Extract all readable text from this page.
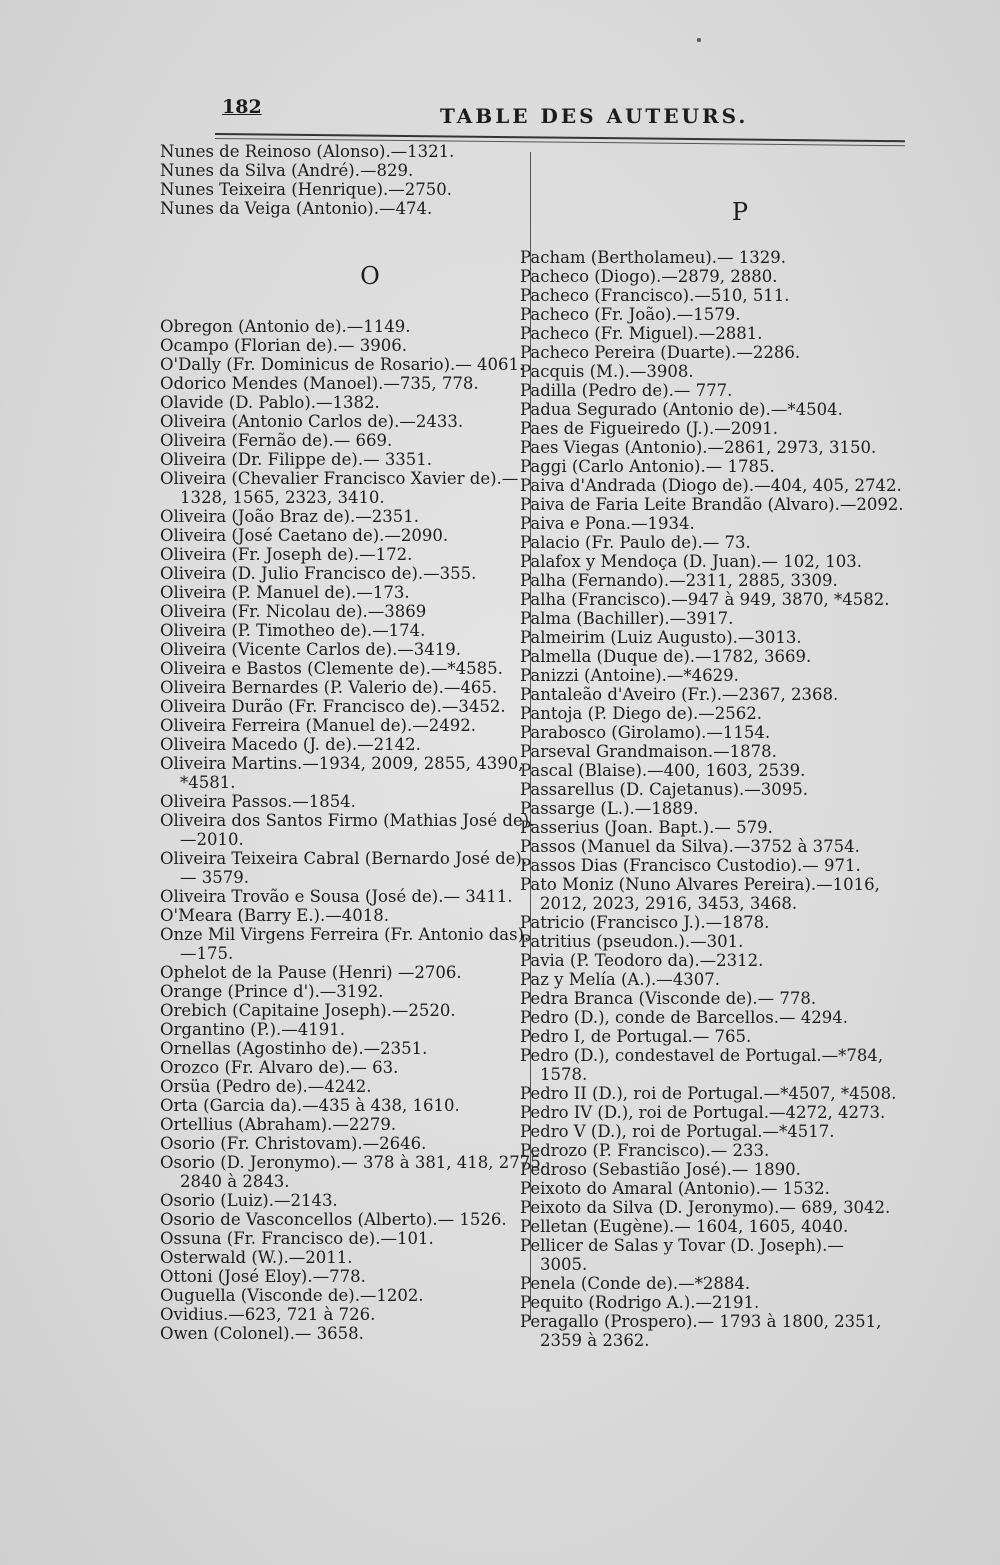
182	TABLE DES AUTEURS.
O
P

Nunes de Reinoso (Alonso).—1321.

Nunes da Silva (André).—829.

Nunes Teixeira (Henrique).—2750.

Nunes da Veiga (Antonio).—474.

Obregon (Antonio de).—1149.

Ocampo (Florian de).— 3906.

O'Dally (Fr. Dominicus de Rosario).— 4061.

Odorico Mendes (Manoel).—735, 778.

Olavide (D. Pablo).—1382.

Oliveira (Antonio Carlos de).—2433.

Oliveira (Fernão de).— 669.

Oliveira (Dr. Filippe de).— 3351.

Oliveira (Chevalier Francisco Xavier de).—
1328, 1565, 2323, 3410.

Oliveira (João Braz de).—2351.

Oliveira (José Caetano de).—2090.

Oliveira (Fr. Joseph de).—172.

Oliveira (D. Julio Francisco de).—355.

Oliveira (P. Manuel de).—173.

Oliveira (Fr. Nicolau de).—3869

Oliveira (P. Timotheo de).—174.

Oliveira (Vicente Carlos de).—3419.

Oliveira e Bastos (Clemente de).—*4585.

Oliveira Bernardes (P. Valerio de).—465.

Oliveira Durão (Fr. Francisco de).—3452.

Oliveira Ferreira (Manuel de).—2492.

Oliveira Macedo (J. de).—2142.

Oliveira Martins.—1934, 2009, 2855, 4390,
*4581.

Oliveira Passos.—1854.

Oliveira dos Santos Firmo (Mathias José de).
—2010.

Oliveira Teixeira Cabral (Bernardo José de).
— 3579.

Oliveira Trovão e Sousa (José de).— 3411.

O'Meara (Barry E.).—4018.

Onze Mil Virgens Ferreira (Fr. Antonio das).
—175.

Ophelot de la Pause (Henri) —2706.

Orange (Prince d').—3192.

Orebich (Capitaine Joseph).—2520.

Organtino (P.).—4191.

Ornellas (Agostinho de).—2351.

Orozco (Fr. Alvaro de).— 63.

Orsüa (Pedro de).—4242.

Orta (Garcia da).—435 à 438, 1610.

Ortellius (Abraham).—2279.

Osorio (Fr. Christovam).—2646.

Osorio (D. Jeronymo).— 378 à 381, 418, 2775.
2840 à 2843.

Osorio (Luiz).—2143.

Osorio de Vasconcellos (Alberto).— 1526.

Ossuna (Fr. Francisco de).—101.

Osterwald (W.).—2011.

Ottoni (José Eloy).—778.

Ouguella (Visconde de).—1202.

Ovidius.—623, 721 à 726.

Owen (Colonel).— 3658.

Pacham (Bertholameu).— 1329.

Pacheco (Diogo).—2879, 2880.

Pacheco (Francisco).—510, 511.

Pacheco (Fr. João).—1579.

Pacheco (Fr. Miguel).—2881.

Pacheco Pereira (Duarte).—2286.

Pacquis (M.).—3908.

Padilla (Pedro de).— 777.

Padua Segurado (Antonio de).—*4504.

Paes de Figueiredo (J.).—2091.

Paes Viegas (Antonio).—2861, 2973, 3150.

Paggi (Carlo Antonio).— 1785.

Paiva d'Andrada (Diogo de).—404, 405, 2742.

Paiva de Faria Leite Brandão (Alvaro).—2092.

Paiva e Pona.—1934.

Palacio (Fr. Paulo de).— 73.

Palafox y Mendoça (D. Juan).— 102, 103.

Palha (Fernando).—2311, 2885, 3309.

Palha (Francisco).—947 à 949, 3870, *4582.

Palma (Bachiller).—3917.

Palmeirim (Luiz Augusto).—3013.

Palmella (Duque de).—1782, 3669.

Panizzi (Antoine).—*4629.

Pantaleão d'Aveiro (Fr.).—2367, 2368.

Pantoja (P. Diego de).—2562.

Parabosco (Girolamo).—1154.

Parseval Grandmaison.—1878.

Pascal (Blaise).—400, 1603, 2539.

Passarellus (D. Cajetanus).—3095.

Passarge (L.).—1889.

Passerius (Joan. Bapt.).— 579.

Passos (Manuel da Silva).—3752 à 3754.

Passos Dias (Francisco Custodio).— 971.

Pato Moniz (Nuno Alvares Pereira).—1016,
2012, 2023, 2916, 3453, 3468.

Patricio (Francisco J.).—1878.

Patritius (pseudon.).—301.

Pavia (P. Teodoro da).—2312.

Paz y Melía (A.).—4307.

Pedra Branca (Visconde de).— 778.

Pedro (D.), conde de Barcellos.— 4294.

Pedro I, de Portugal.— 765.

Pedro (D.), condestavel de Portugal.—*784,
1578.

Pedro II (D.), roi de Portugal.—*4507, *4508.

Pedro IV (D.), roi de Portugal.—4272, 4273.

Pedro V (D.), roi de Portugal.—*4517.

Pedrozo (P. Francisco).— 233.

Pedroso (Sebastião José).— 1890.

Peixoto do Amaral (Antonio).— 1532.

Peixoto da Silva (D. Jeronymo).— 689, 3042.

Pelletan (Eugène).— 1604, 1605, 4040.

Pellicer de Salas y Tovar (D. Joseph).—
3005.

Penela (Conde de).—*2884.

Pequito (Rodrigo A.).—2191.

Peragallo (Prospero).— 1793 à 1800, 2351,
2359 à 2362.
